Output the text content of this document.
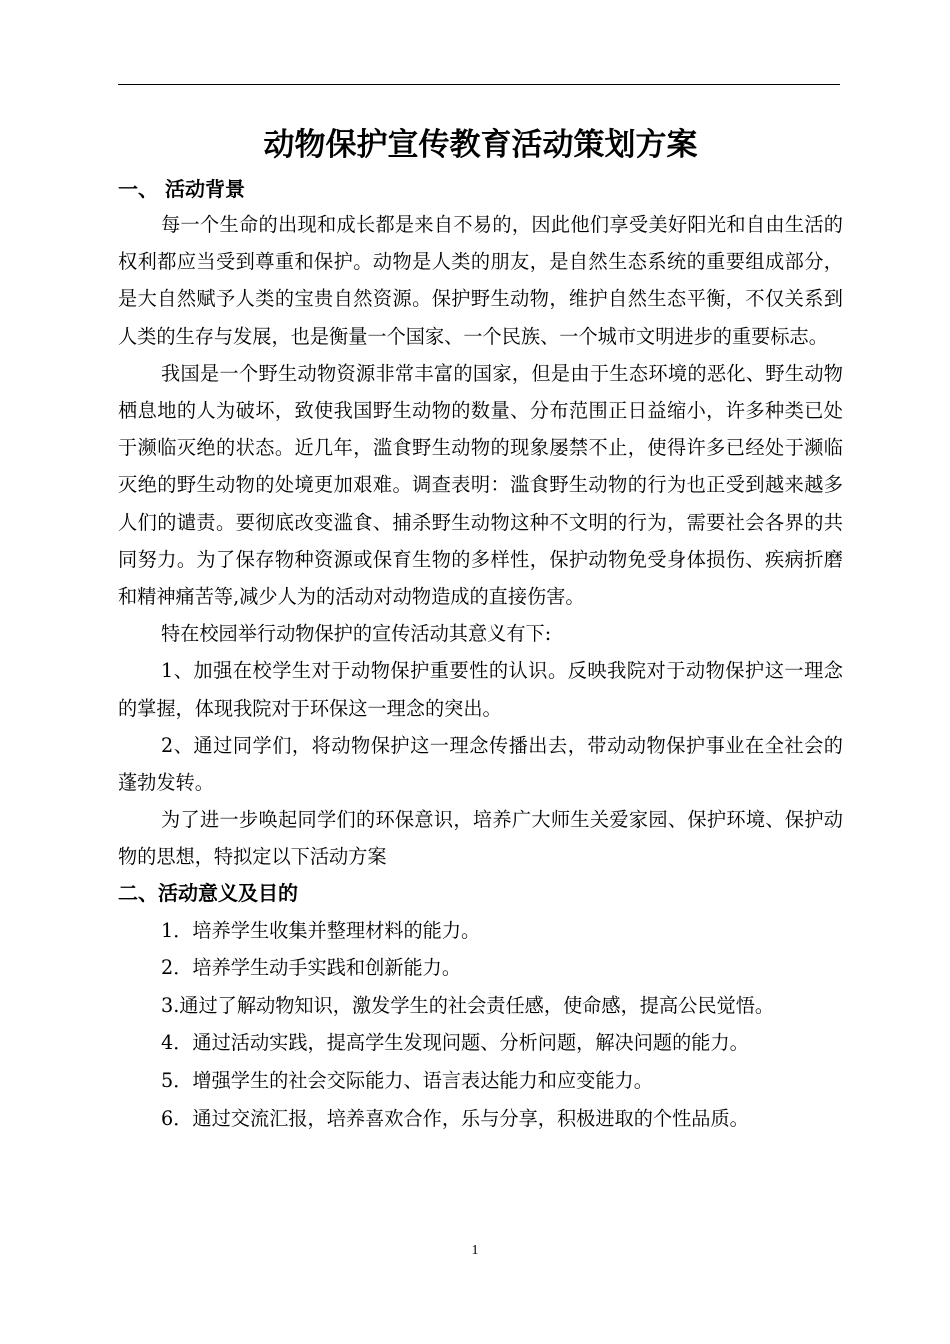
动物保护宣传教育活动策划方案
一、 活动背景

每一个生命的出现和成长都是来自不易的，因此他们享受美好阳光和自由生活的权利都应当受到尊重和保护。动物是人类的朋友，是自然生态系统的重要组成部分，是大自然赋予人类的宝贵自然资源。保护野生动物，维护自然生态平衡，不仅关系到人类的生存与发展，也是衡量一个国家、一个民族、一个城市文明进步的重要标志。

我国是一个野生动物资源非常丰富的国家，但是由于生态环境的恶化、野生动物栖息地的人为破坏，致使我国野生动物的数量、分布范围正日益缩小，许多种类已处于濒临灭绝的状态。近几年，滥食野生动物的现象屡禁不止，使得许多已经处于濒临灭绝的野生动物的处境更加艰难。调查表明：滥食野生动物的行为也正受到越来越多人们的谴责。要彻底改变滥食、捕杀野生动物这种不文明的行为，需要社会各界的共同努力。为了保存物种资源或保育生物的多样性，保护动物免受身体损伤、疾病折磨和精神痛苦等,减少人为的活动对动物造成的直接伤害。

特在校园举行动物保护的宣传活动其意义有下:

1、加强在校学生对于动物保护重要性的认识。反映我院对于动物保护这一理念的掌握，体现我院对于环保这一理念的突出。

2、通过同学们，将动物保护这一理念传播出去，带动动物保护事业在全社会的蓬勃发转。

为了进一步唤起同学们的环保意识，培养广大师生关爱家园、保护环境、保护动物的思想，特拟定以下活动方案

二、活动意义及目的

1．培养学生收集并整理材料的能力。

2．培养学生动手实践和创新能力。

3.通过了解动物知识，激发学生的社会责任感，使命感，提高公民觉悟。

4．通过活动实践，提高学生发现问题、分析问题，解决问题的能力。

5．增强学生的社会交际能力、语言表达能力和应变能力。

6．通过交流汇报，培养喜欢合作，乐与分享，积极进取的个性品质。

1
